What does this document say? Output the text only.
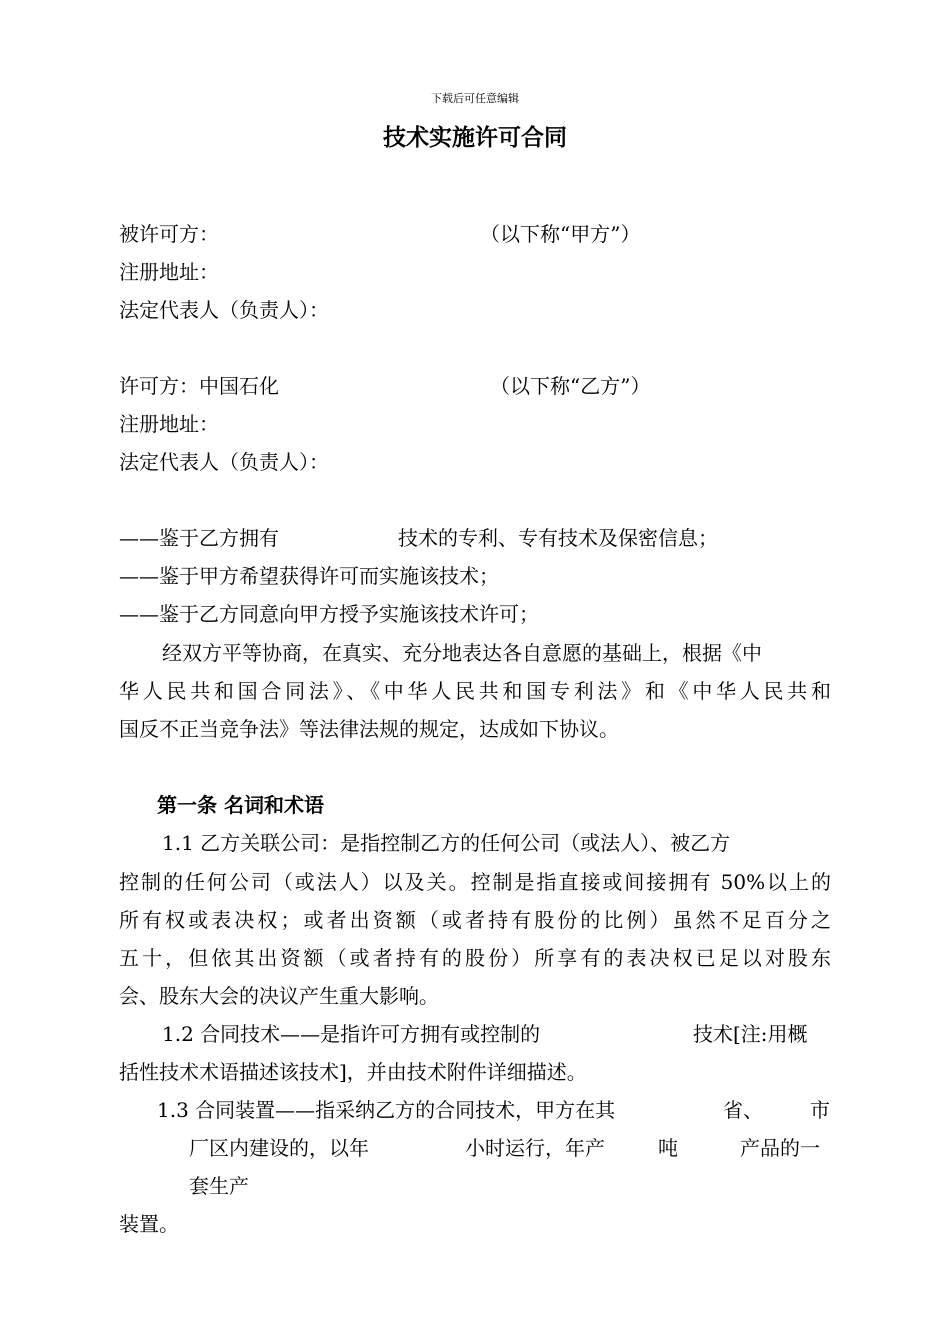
下载后可任意编辑
技术实施许可合同
被许可方：	（以下称“甲方”）
注册地址：
法定代表人（负责人）：
许可方：中国石化	（以下称“乙方”）
注册地址：
法定代表人（负责人）：
——鉴于乙方拥有	技术的专利、专有技术及保密信息；
——鉴于甲方希望获得许可而实施该技术；
——鉴于乙方同意向甲方授予实施该技术许可；
经双方平等协商，在真实、充分地表达各自意愿的基础上，根据《中
华人民共和国合同法》、《中华人民共和国专利法》和《中华人民共和
国反不正当竞争法》等法律法规的规定，达成如下协议。
第一条 名词和术语
1.1 乙方关联公司：是指控制乙方的任何公司（或法人）、被乙方
控制的任何公司（或法人）以及关。控制是指直接或间接拥有 50%以上的
所有权或表决权；或者出资额（或者持有股份的比例）虽然不足百分之
五十，但依其出资额（或者持有的股份）所享有的表决权已足以对股东
会、股东大会的决议产生重大影响。
1.2 合同技术——是指许可方拥有或控制的	技术[注:用概
括性技术术语描述该技术]，并由技术附件详细描述。
1.3 合同装置——指采纳乙方的合同技术，甲方在其	省、 市
厂区内建设的，以年	小时运行，年产	吨	产品的一
套生产
装置。
